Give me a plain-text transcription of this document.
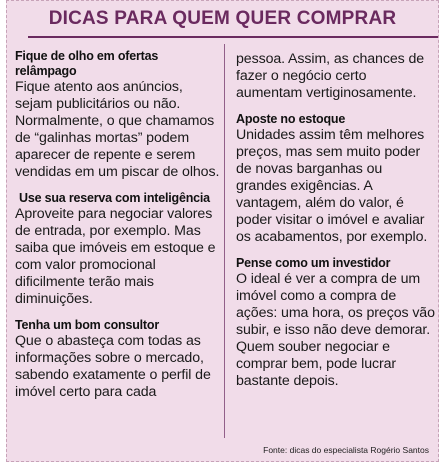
DICAS PARA QUEM QUER COMPRAR
Fique de olho em ofertas relâmpago
Fique atento aos anúncios, sejam publicitários ou não. Normalmente, o que chamamos de “galinhas mortas” podem aparecer de repente e serem vendidas em um piscar de olhos.
Use sua reserva com inteligência
Aproveite para negociar valores de entrada, por exemplo. Mas saiba que imóveis em estoque e com valor promocional dificilmente terão mais diminuições.
Tenha um bom consultor
Que o abasteça com todas as informações sobre o mercado, sabendo exatamente o perfil de imóvel certo para cada
pessoa. Assim, as chances de fazer o negócio certo aumentam vertiginosamente.
Aposte no estoque
Unidades assim têm melhores preços, mas sem muito poder de novas barganhas ou grandes exigências. A vantagem, além do valor, é poder visitar o imóvel e avaliar os acabamentos, por exemplo.
Pense como um investidor
O ideal é ver a compra de um imóvel como a compra de ações: uma hora, os preços vão subir, e isso não deve demorar. Quem souber negociar e comprar bem, pode lucrar bastante depois.
Fonte: dicas do especialista Rogério Santos
